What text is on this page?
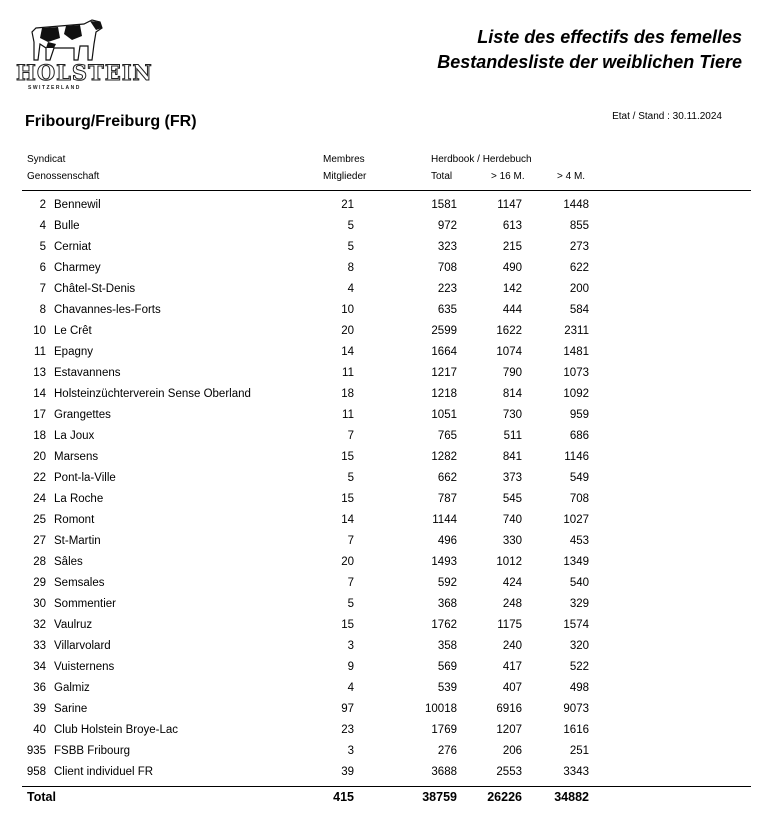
HOLSTEIN
SWITZERLAND
Liste des effectifs des femelles
Bestandesliste der weiblichen Tiere
Fribourg/Freiburg (FR)	Etat / Stand : 30.11.2024
Syndicat
Genossenschaft
Membres
Mitglieder
Herdbook / Herdebuch
Total	> 16 M.	> 4 M.
2 Bennewil	21	1581	1147	1448
4 Bulle	5	972	613	855
5 Cerniat	5	323	215	273
6 Charmey	8	708	490	622
7 Châtel-St-Denis	4	223	142	200
8 Chavannes-les-Forts	10	635	444	584
10 Le Crêt	20	2599	1622	2311
11 Epagny	14	1664	1074	1481
13 Estavannens	11	1217	790	1073
14 Holsteinzüchterverein Sense Oberland	18	1218	814	1092
17 Grangettes	11	1051	730	959
18 La Joux	7	765	511	686
20 Marsens	15	1282	841	1146
22 Pont-la-Ville	5	662	373	549
24 La Roche	15	787	545	708
25 Romont	14	1144	740	1027
27 St-Martin	7	496	330	453
28 Sâles	20	1493	1012	1349
29 Semsales	7	592	424	540
30 Sommentier	5	368	248	329
32 Vaulruz	15	1762	1175	1574
33 Villarvolard	3	358	240	320
34 Vuisternens	9	569	417	522
36 Galmiz	4	539	407	498
39 Sarine	97	10018	6916	9073
40 Club Holstein Broye-Lac	23	1769	1207	1616
935 FSBB Fribourg	3	276	206	251
958 Client individuel FR	39	3688	2553	3343
Total	415	38759 26226	34882
